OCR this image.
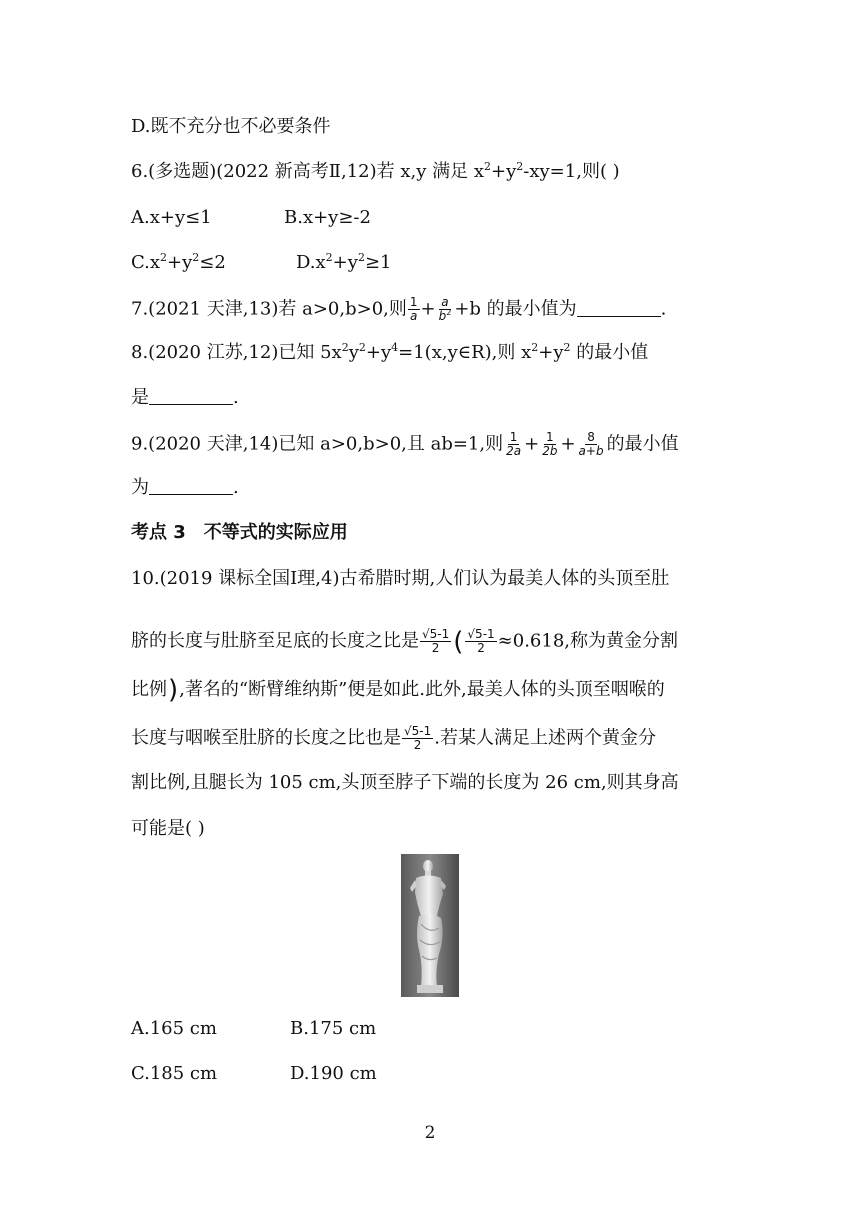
D.既不充分也不必要条件
6.(多选题)(2022 新高考Ⅱ,12)若 x,y 满足 $x^2+y^2-xy=1$,则( )
A.x+y≤1	B.x+y≥-2
$C.x^2+y^2\le 2$	$D.x^2+y^2\ge 1$
7.(2021 天津,13)若 a>0,b>0,则 $\frac{1}{a} + \frac{a}{b^2} +b$ 的最小值为	.
8.(2020 江苏,12)已知 $5x^2y^2+y^4=1(x,y\in R)$,则 $x^2+y^2$ 的最小值
是	.
9.(2020 天津,14)已知 a>0,b>0,且 ab=1,则 $\frac{1}{2a} + \frac{1}{2b} + \frac{8}{a+b}$ 的最小值
为	.
考点 3　不等式的实际应用
10.(2019 课标全国Ⅰ理,4)古希腊时期,人们认为最美人体的头顶至肚
脐的长度与肚脐至足底的长度之比是 $\frac{√5-1}{2}$ ( $\frac{√5-1}{2} \approx 0.618$,称为黄金分割
比例),著名的“断臂维纳斯”便是如此.此外,最美人体的头顶至咽喉的
长度与咽喉至肚脐的长度之比也是 $\frac{√5-1}{2}$ .若某人满足上述两个黄金分
割比例,且腿长为 105 cm,头顶至脖子下端的长度为 26 cm,则其身高
可能是( )
A.165 cm	B.175 cm
C.185 cm	D.190 cm
2
